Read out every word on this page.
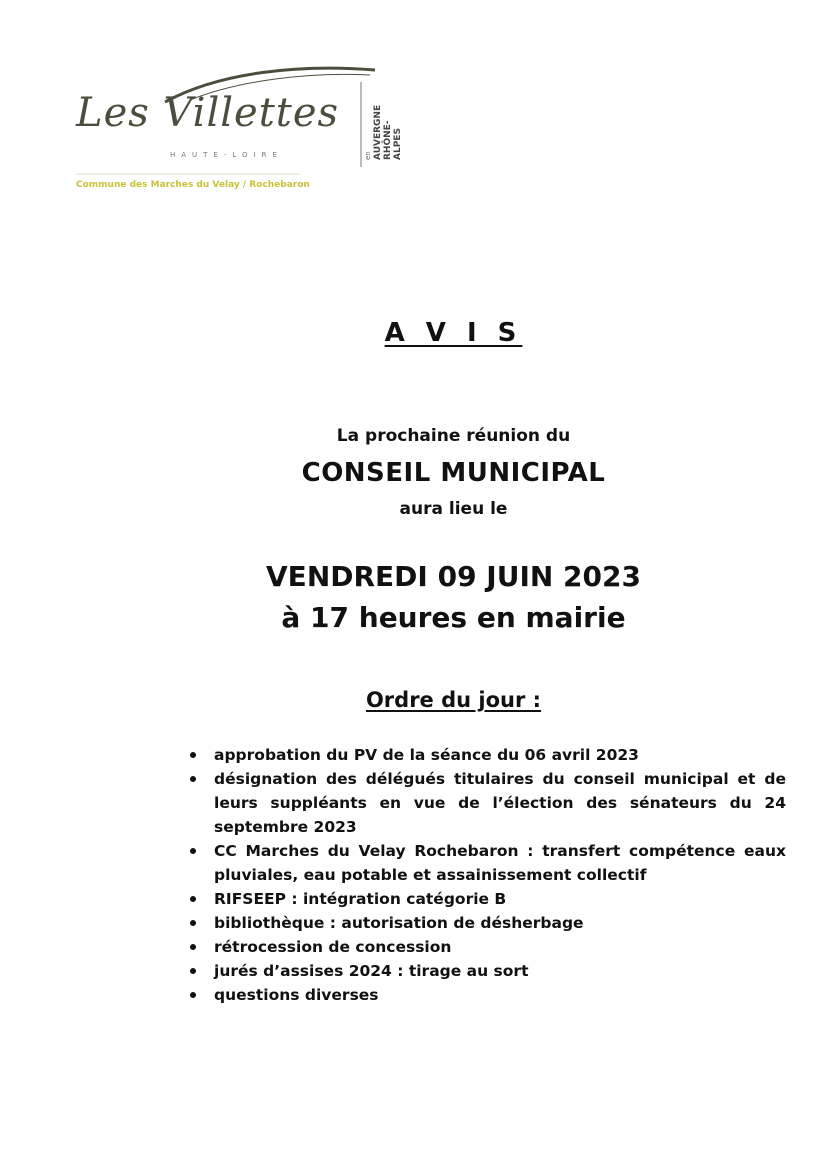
Les Villettes
HAUTE-LOIRE	en
AUVERGNE RHÔNE-ALPES
Commune des Marches du Velay / Rochebaron
A V I S
La prochaine réunion du
CONSEIL MUNICIPAL
aura lieu le
VENDREDI 09 JUIN 2023
à 17 heures en mairie
Ordre du jour :
approbation du PV de la séance du 06 avril 2023
désignation des délégués titulaires du conseil municipal et de leurs suppléants en vue de l’élection des sénateurs du 24 septembre 2023
CC Marches du Velay Rochebaron : transfert compétence eaux pluviales, eau potable et assainissement collectif
RIFSEEP : intégration catégorie B
bibliothèque : autorisation de désherbage
rétrocession de concession
jurés d’assises 2024 : tirage au sort
questions diverses
